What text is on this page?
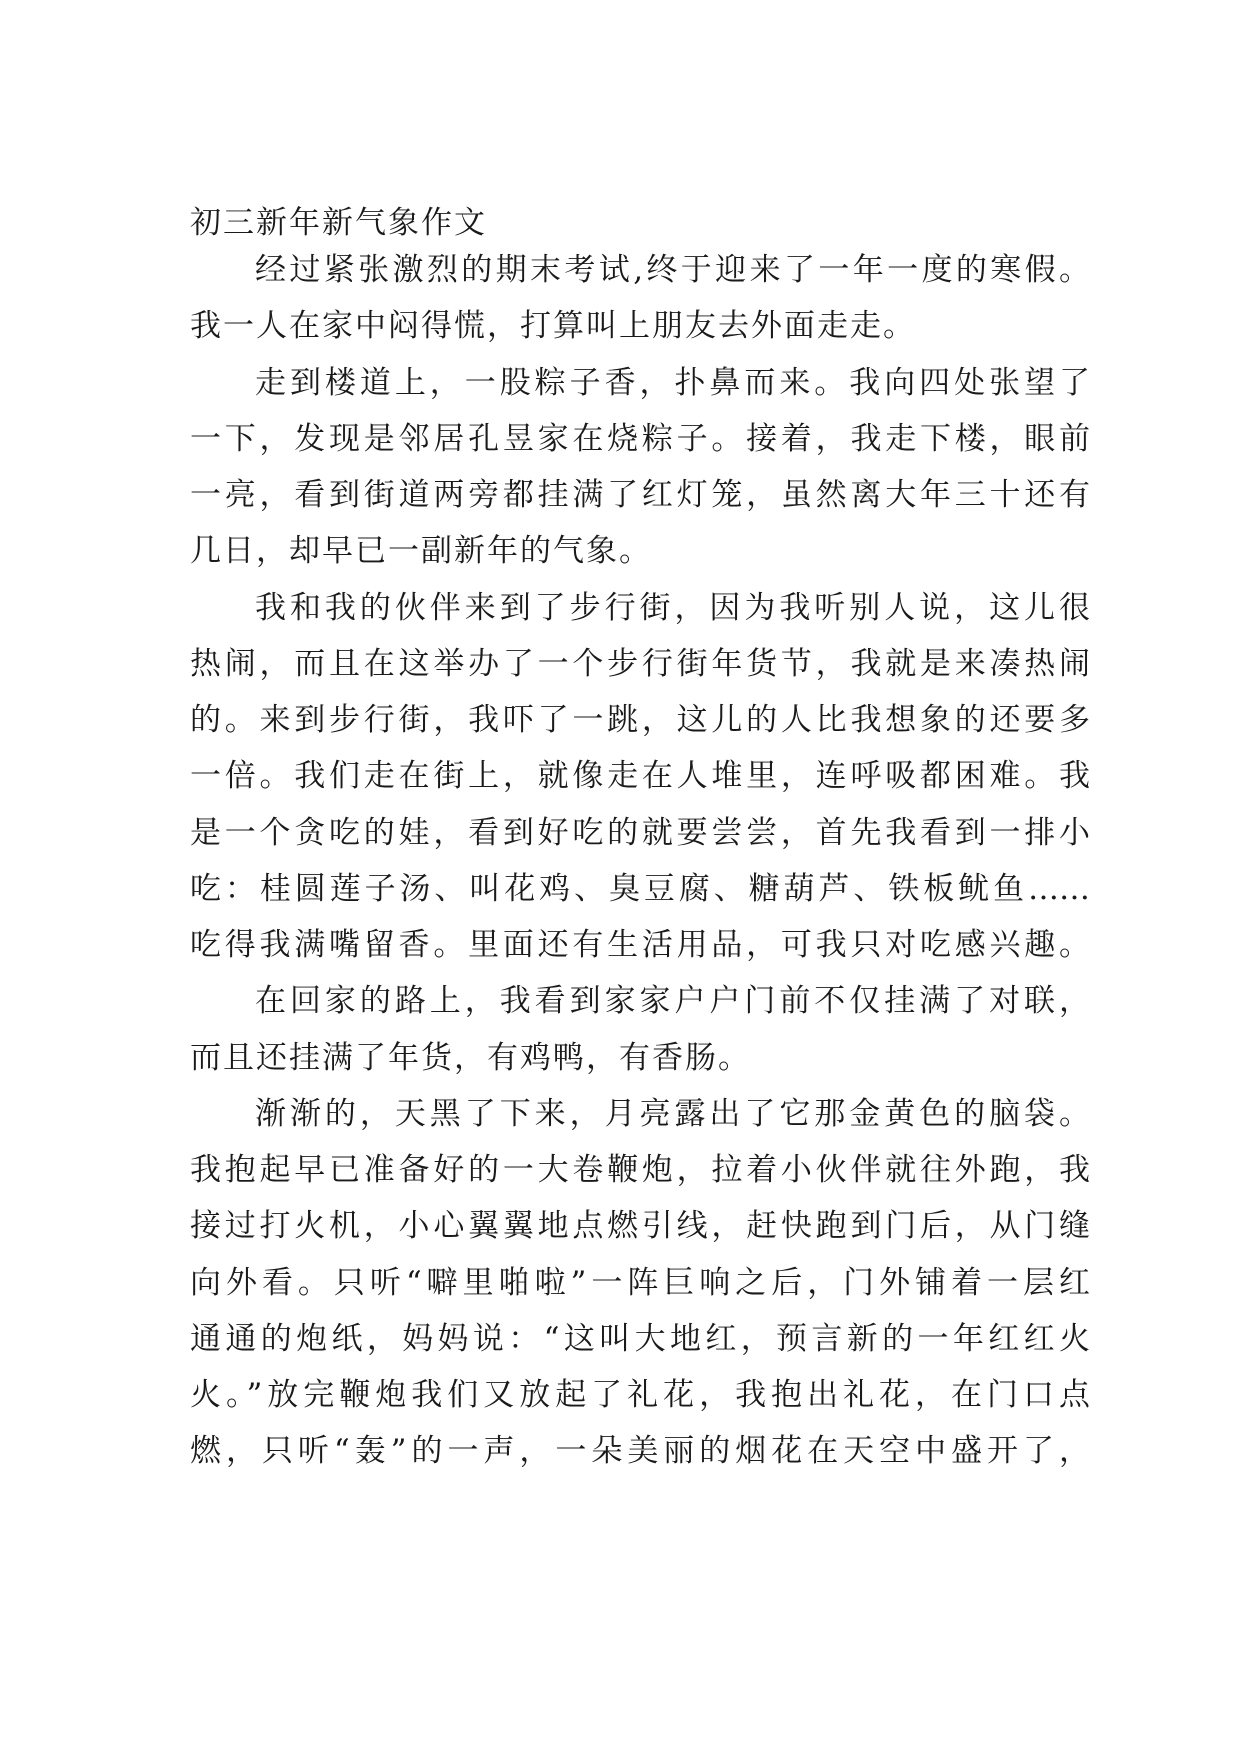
初三新年新气象作文

经过紧张激烈的期末考试,终于迎来了一年一度的寒假。

我一人在家中闷得慌，打算叫上朋友去外面走走。

走到楼道上，一股粽子香，扑鼻而来。我向四处张望了

一下，发现是邻居孔昱家在烧粽子。接着，我走下楼，眼前

一亮，看到街道两旁都挂满了红灯笼，虽然离大年三十还有

几日，却早已一副新年的气象。

我和我的伙伴来到了步行街，因为我听别人说，这儿很

热闹，而且在这举办了一个步行街年货节，我就是来凑热闹

的。来到步行街，我吓了一跳，这儿的人比我想象的还要多

一倍。我们走在街上，就像走在人堆里，连呼吸都困难。我

是一个贪吃的娃，看到好吃的就要尝尝，首先我看到一排小

吃：桂圆莲子汤、叫花鸡、臭豆腐、糖葫芦、铁板鱿鱼……

吃得我满嘴留香。里面还有生活用品，可我只对吃感兴趣。

在回家的路上，我看到家家户户门前不仅挂满了对联，

而且还挂满了年货，有鸡鸭，有香肠。

渐渐的，天黑了下来，月亮露出了它那金黄色的脑袋。

我抱起早已准备好的一大卷鞭炮，拉着小伙伴就往外跑，我

接过打火机，小心翼翼地点燃引线，赶快跑到门后，从门缝

向外看。只听“噼里啪啦”一阵巨响之后，门外铺着一层红

通通的炮纸，妈妈说：“这叫大地红，预言新的一年红红火

火。”放完鞭炮我们又放起了礼花，我抱出礼花，在门口点

燃，只听“轰”的一声，一朵美丽的烟花在天空中盛开了，
